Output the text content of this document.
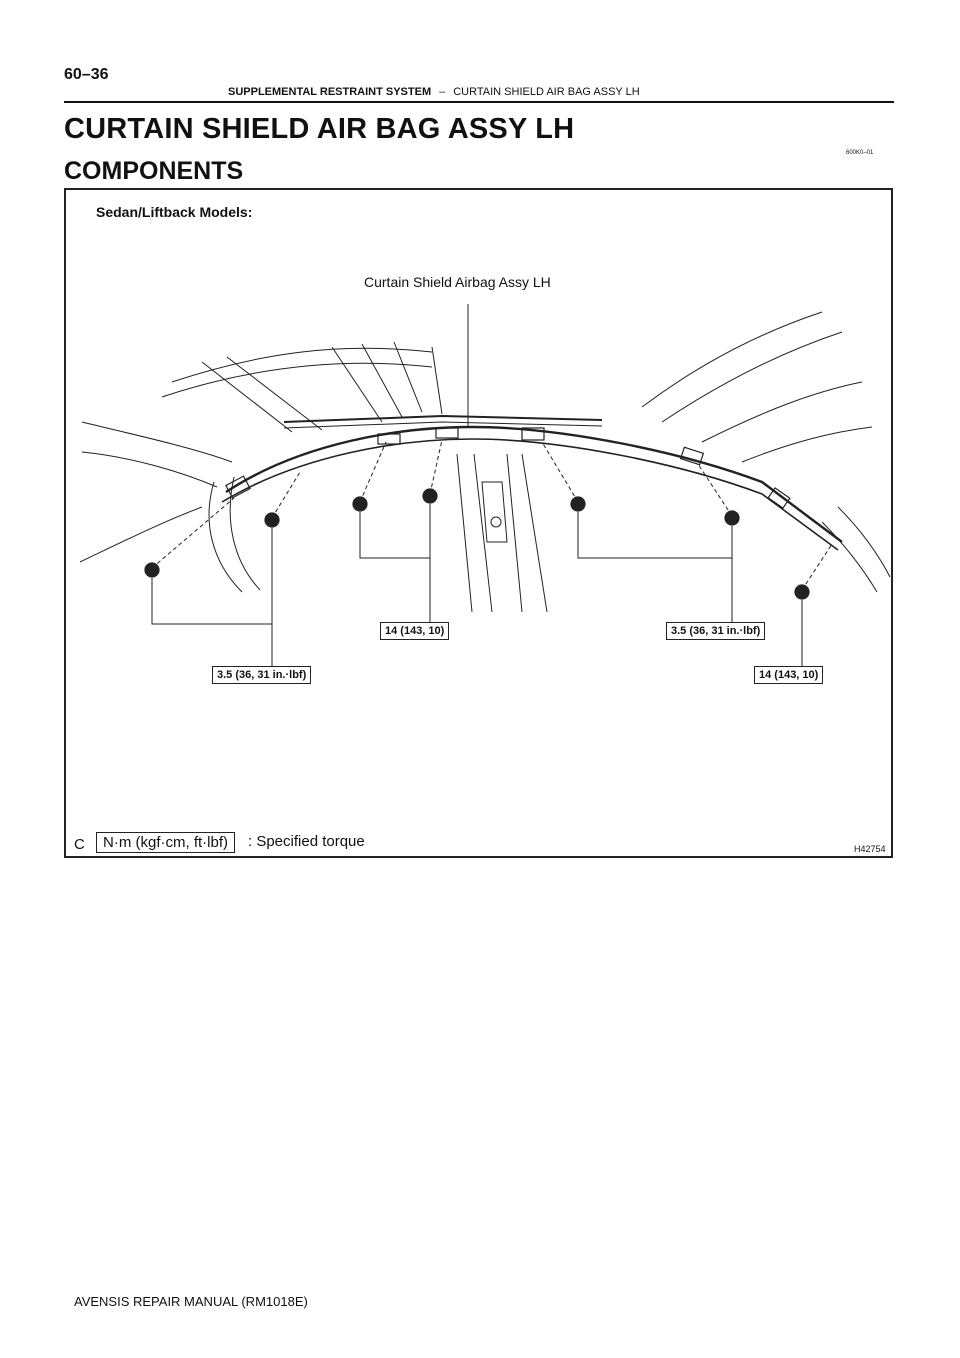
60–36
SUPPLEMENTAL RESTRAINT SYSTEM – CURTAIN SHIELD AIR BAG ASSY LH
CURTAIN SHIELD AIR BAG ASSY LH
COMPONENTS
600K0–01
Sedan/Liftback Models:
Curtain Shield Airbag Assy LH
3.5 (36, 31 in.·lbf)
14 (143, 10)	3.5 (36, 31 in.·lbf)
14 (143, 10)
C	N·m (kgf·cm, ft·lbf)	: Specified torque	H42754
AVENSIS REPAIR MANUAL (RM1018E)
